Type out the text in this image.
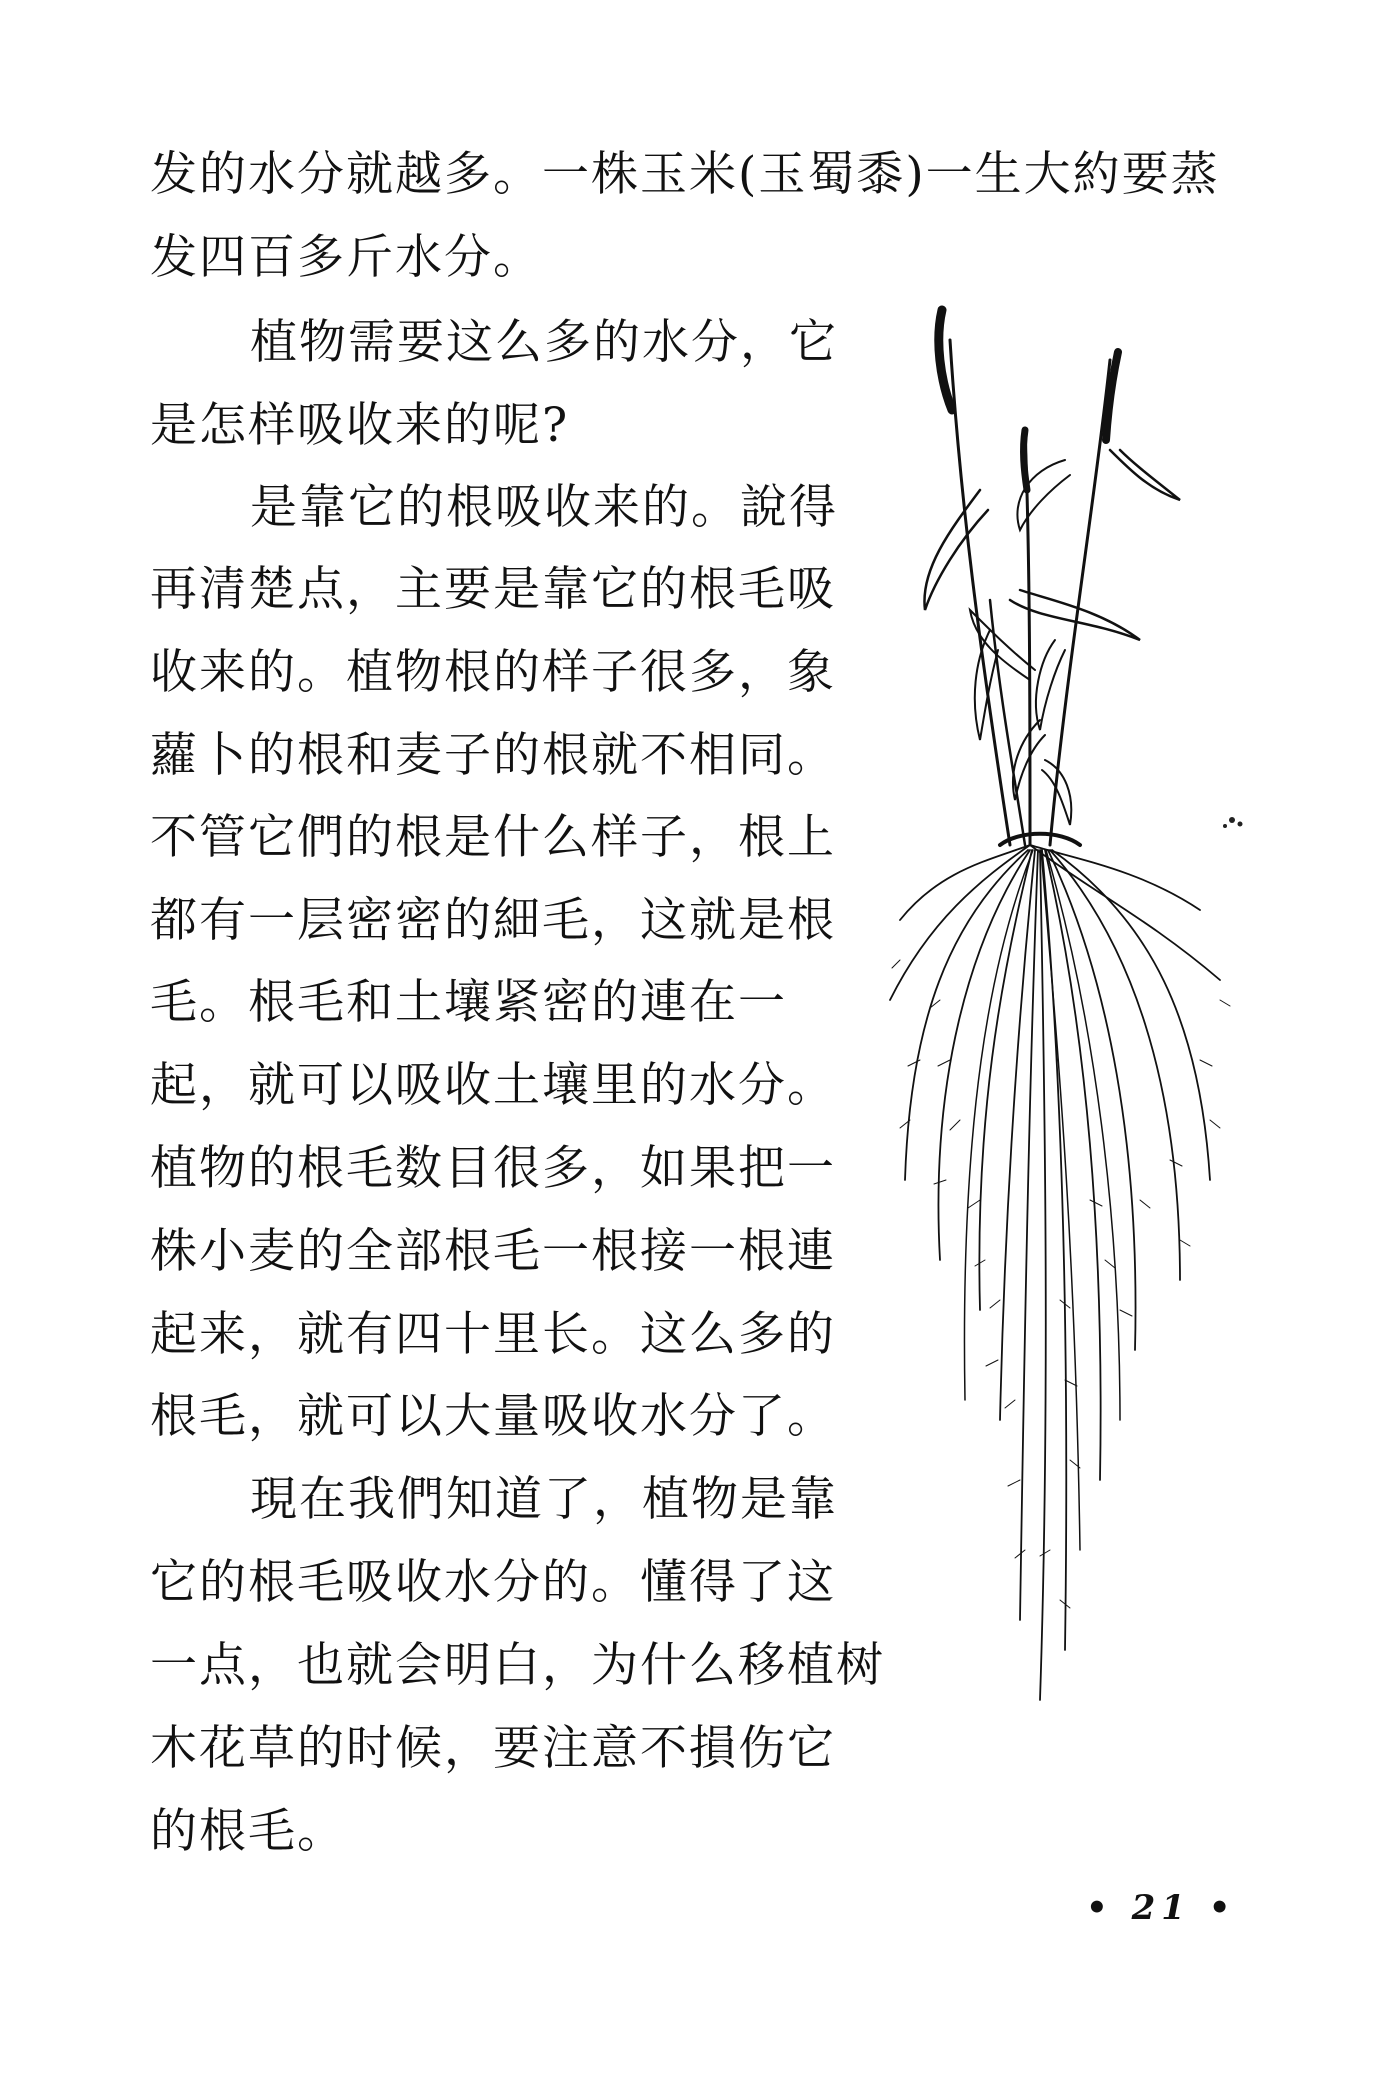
发的水分就越多。一株玉米(玉蜀黍)一生大約要蒸
发四百多斤水分。
植物需要这么多的水分，它
是怎样吸收来的呢?
是靠它的根吸收来的。說得
再清楚点，主要是靠它的根毛吸
收来的。植物根的样子很多，象
蘿卜的根和麦子的根就不相同。
不管它們的根是什么样子，根上
都有一层密密的細毛，这就是根
毛。根毛和土壤紧密的連在一
起，就可以吸收土壤里的水分。
植物的根毛数目很多，如果把一
株小麦的全部根毛一根接一根連
起来，就有四十里长。这么多的
根毛，就可以大量吸收水分了。
現在我們知道了，植物是靠
它的根毛吸收水分的。懂得了这
一点，也就会明白，为什么移植树
木花草的时候，要注意不損伤它
的根毛。
• 21 •
